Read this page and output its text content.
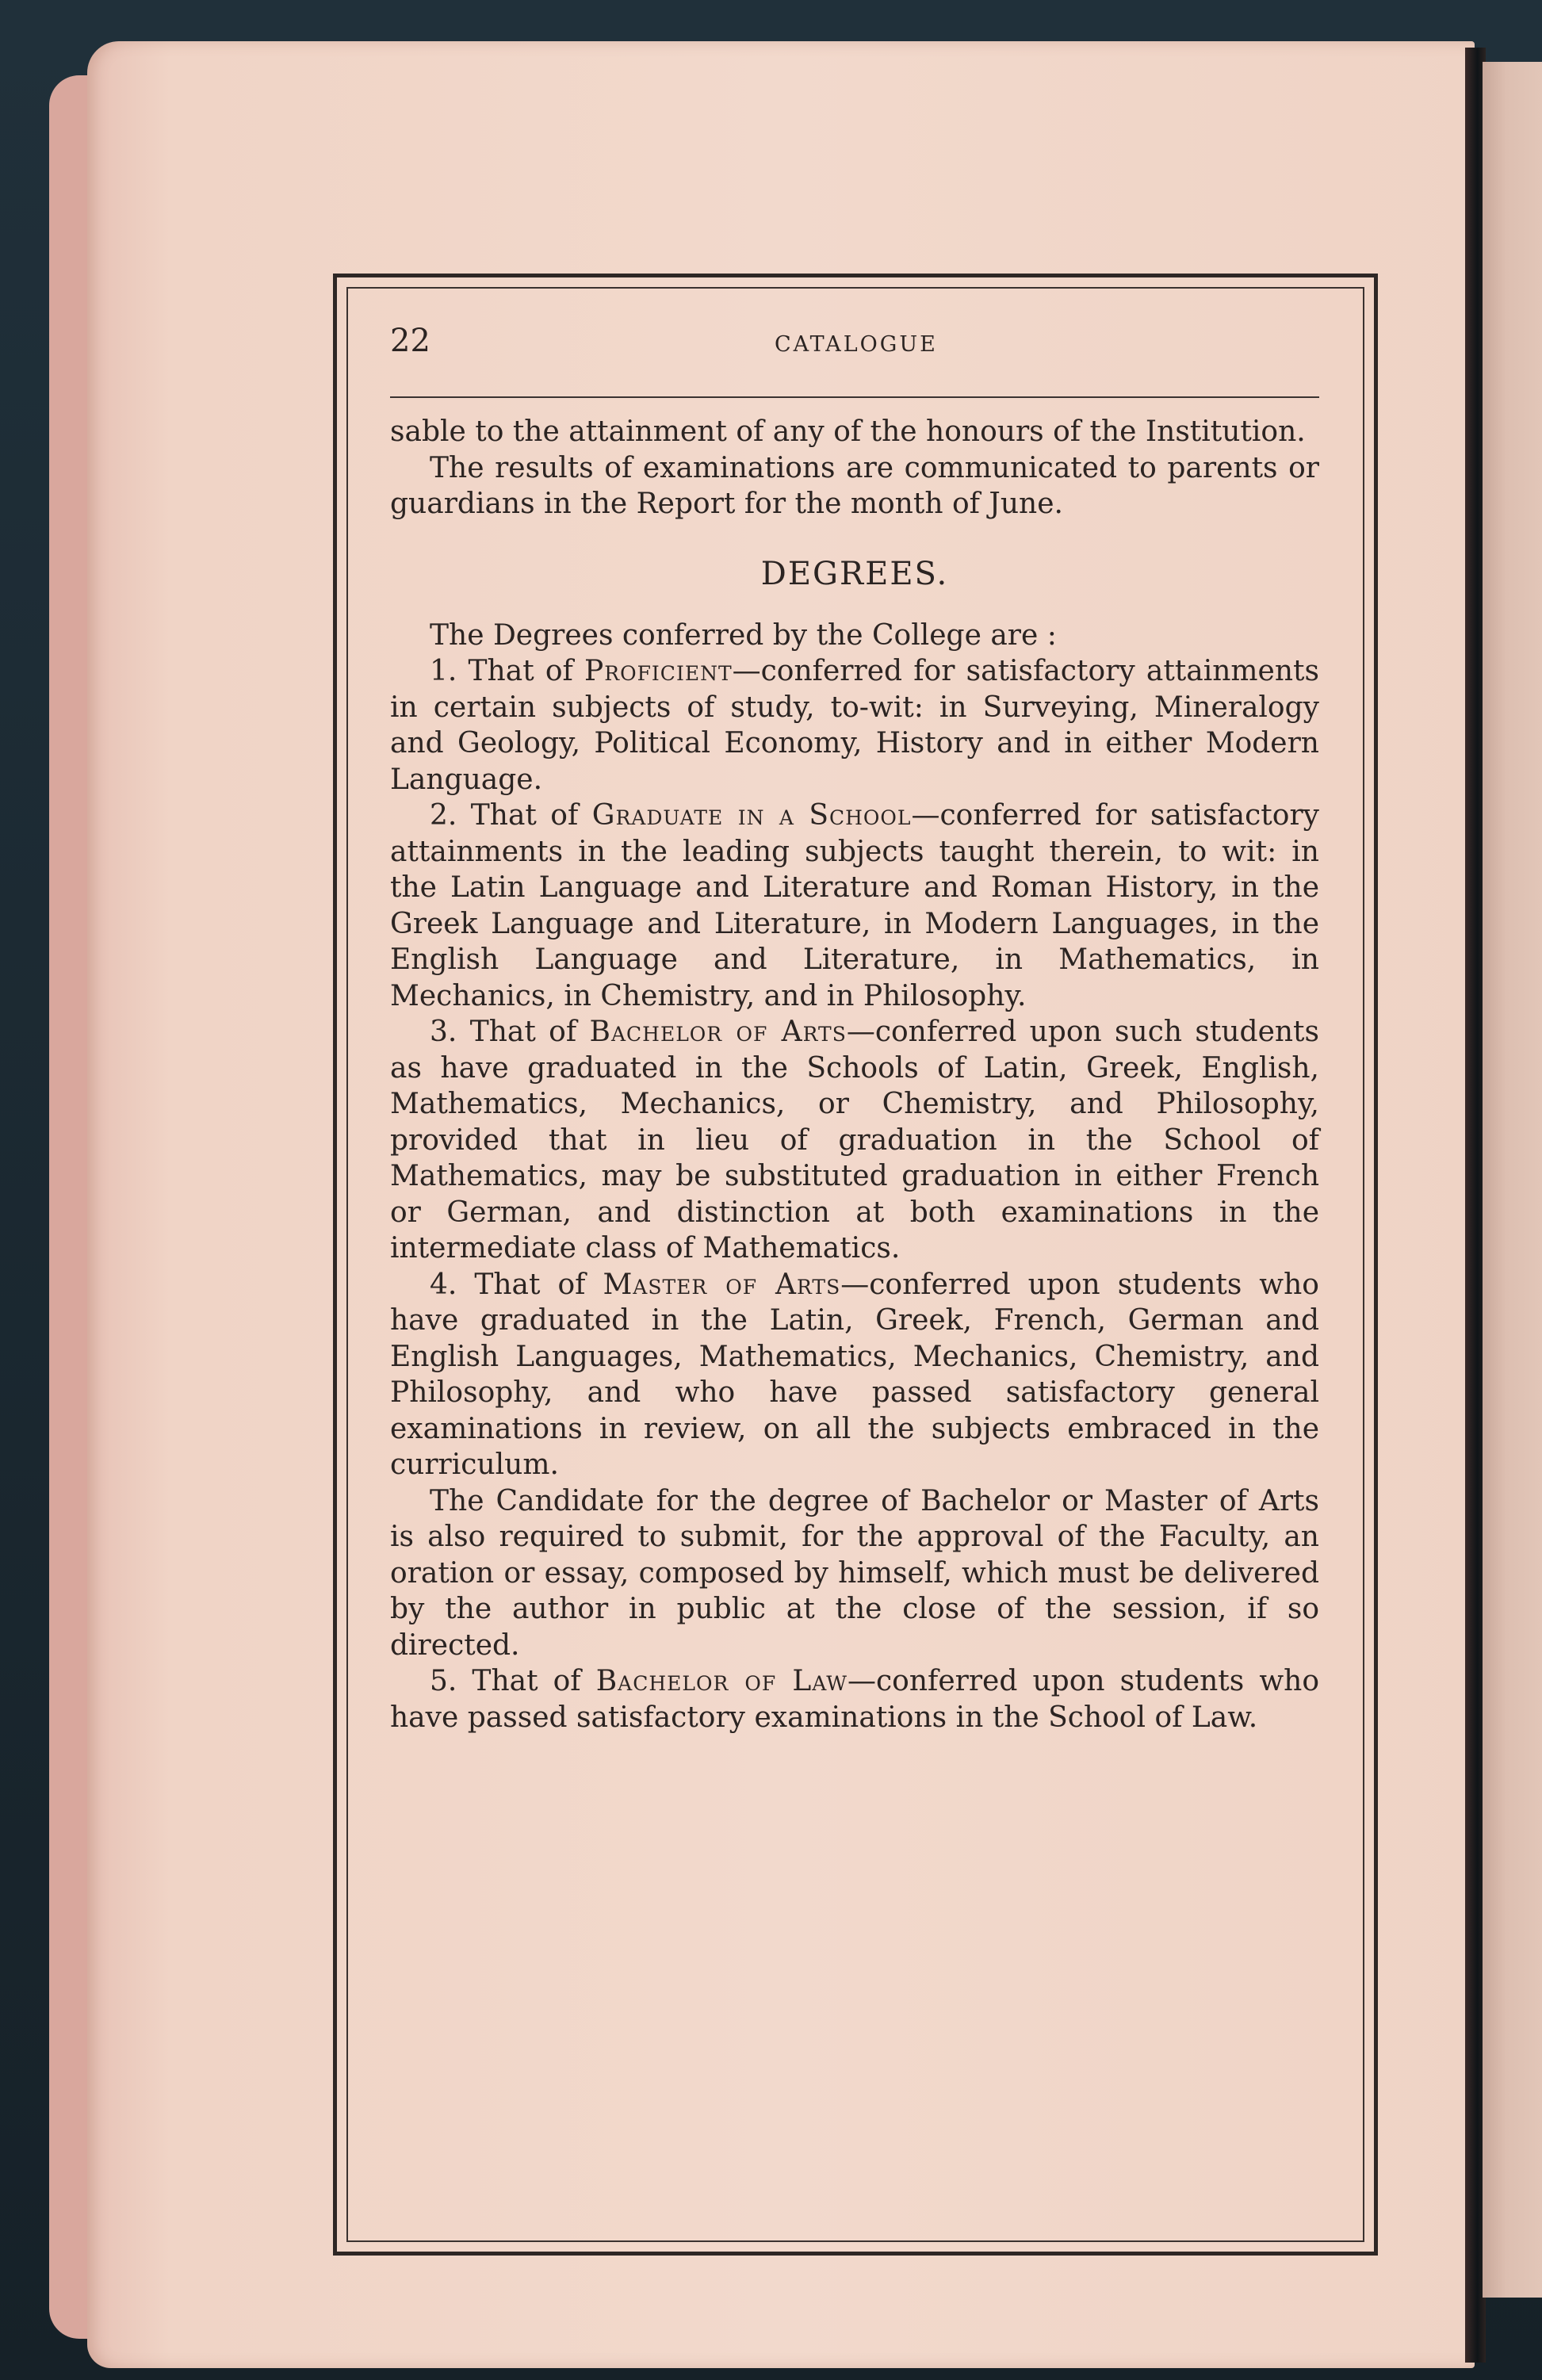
22	CATALOGUE

sable to the attainment of any of the honours of the Institution.

The results of examinations are communicated to parents or guardians in the Report for the month of June.

DEGREES.

The Degrees conferred by the College are :

1. That of Proficient—conferred for satisfactory attainments in certain subjects of study, to-wit: in Surveying, Mineralogy and Geology, Political Economy, History and in either Modern Language.

2. That of Graduate in a School—conferred for satisfactory attainments in the leading subjects taught therein, to wit: in the Latin Language and Literature and Roman History, in the Greek Language and Literature, in Modern Languages, in the English Language and Literature, in Mathematics, in Mechanics, in Chemistry, and in Philosophy.

3. That of Bachelor of Arts—conferred upon such students as have graduated in the Schools of Latin, Greek, English, Mathematics, Mechanics, or Chemistry, and Philosophy, provided that in lieu of graduation in the School of Mathematics, may be substituted graduation in either French or German, and distinction at both examinations in the intermediate class of Mathematics.

4. That of Master of Arts—conferred upon students who have graduated in the Latin, Greek, French, German and English Languages, Mathematics, Mechanics, Chemistry, and Philosophy, and who have passed satisfactory general examinations in review, on all the subjects embraced in the curriculum.

The Candidate for the degree of Bachelor or Master of Arts is also required to submit, for the approval of the Faculty, an oration or essay, composed by himself, which must be delivered by the author in public at the close of the session, if so directed.

5. That of Bachelor of Law—conferred upon students who have passed satisfactory examinations in the School of Law.
